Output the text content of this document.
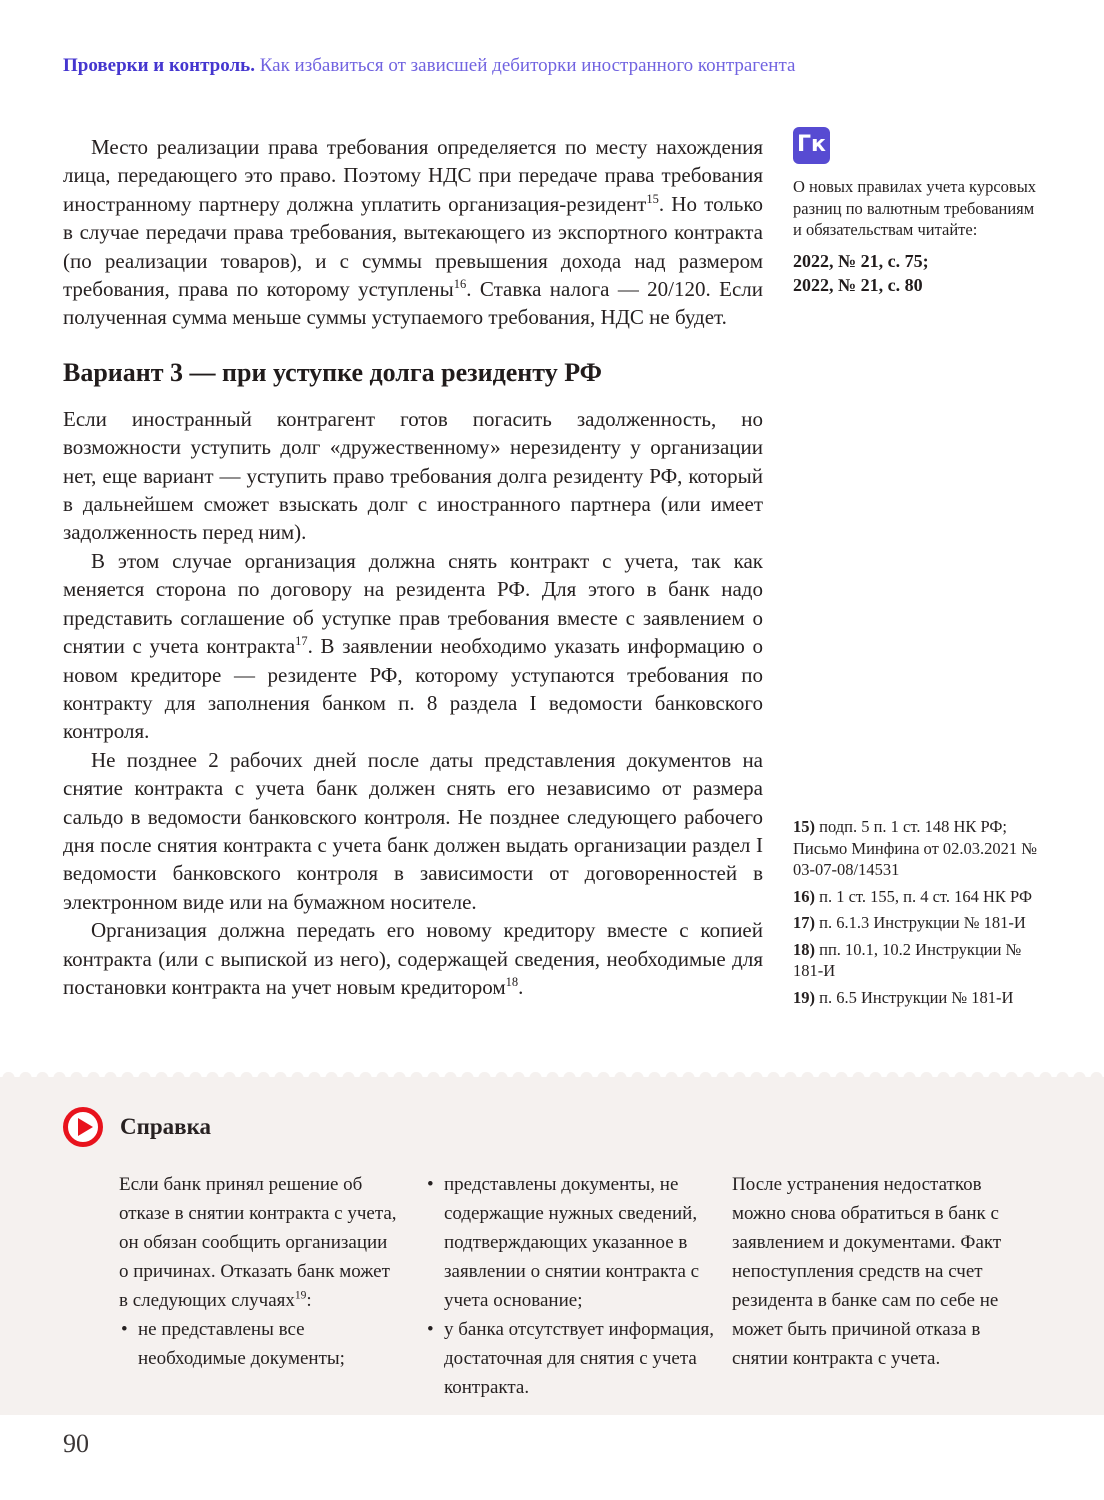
Проверки и контроль. Как избавиться от зависшей дебиторки иностранного контрагента

Место реализации права требования определяется по месту нахождения лица, передающего это право. Поэтому НДС при передаче права требования иностранному партнеру должна уплатить организация-резидент$^{15}$. Но только в случае передачи права требования, вытекающего из экспортного контракта (по реализации товаров), и с суммы превышения дохода над размером требования, права по которому уступлены$^{16}$. Ставка налога — 20/120. Если полученная сумма меньше суммы уступаемого требования, НДС не будет.

Вариант 3 — при уступке долга резиденту РФ

Если иностранный контрагент готов погасить задолженность, но возможности уступить долг «дружественному» нерезиденту у организации нет, еще вариант — уступить право требования долга резиденту РФ, который в дальнейшем сможет взыскать долг с иностранного партнера (или имеет задолженность перед ним).

В этом случае организация должна снять контракт с учета, так как меняется сторона по договору на резидента РФ. Для этого в банк надо представить соглашение об уступке прав требования вместе с заявлением о снятии с учета контракта$^{17}$. В заявлении необходимо указать информацию о новом кредиторе — резиденте РФ, которому уступаются требования по контракту для заполнения банком п. 8 раздела I ведомости банковского контроля.

Не позднее 2 рабочих дней после даты представления документов на снятие контракта с учета банк должен снять его независимо от размера сальдо в ведомости банковского контроля. Не позднее следующего рабочего дня после снятия контракта с учета банк должен выдать организации раздел I ведомости банковского контроля в зависимости от договоренностей в электронном виде или на бумажном носителе.

Организация должна передать его новому кредитору вместе с копией контракта (или с выпиской из него), содержащей сведения, необходимые для постановки контракта на учет новым кредитором$^{18}$.

Гк
О новых правилах учета курсовых разниц по валютным требованиям и обязательствам читайте:
2022, № 21, с. 75;
2022, № 21, с. 80
15) подп. 5 п. 1 ст. 148 НК РФ; Письмо Минфина от 02.03.2021 № 03-07-08/14531
16) п. 1 ст. 155, п. 4 ст. 164 НК РФ
17) п. 6.1.3 Инструкции № 181-И
18) пп. 10.1, 10.2 Инструкции № 181-И
19) п. 6.5 Инструкции № 181-И
Справка

Если банк принял решение об отказе в снятии контракта с учета, он обязан сообщить организации о причинах. Отказать банк может в следующих случаях$^{19}$:

• не представлены все необходимые документы;
• представлены документы, не содержащие нужных сведений, подтверждающих указанное в заявлении о снятии контракта с учета основание;
• у банка отсутствует информация, достаточная для снятия с учета контракта.

После устранения недостатков можно снова обратиться в банк с заявлением и документами. Факт непоступления средств на счет резидента в банке сам по себе не может быть причиной отказа в снятии контракта с учета.

90
